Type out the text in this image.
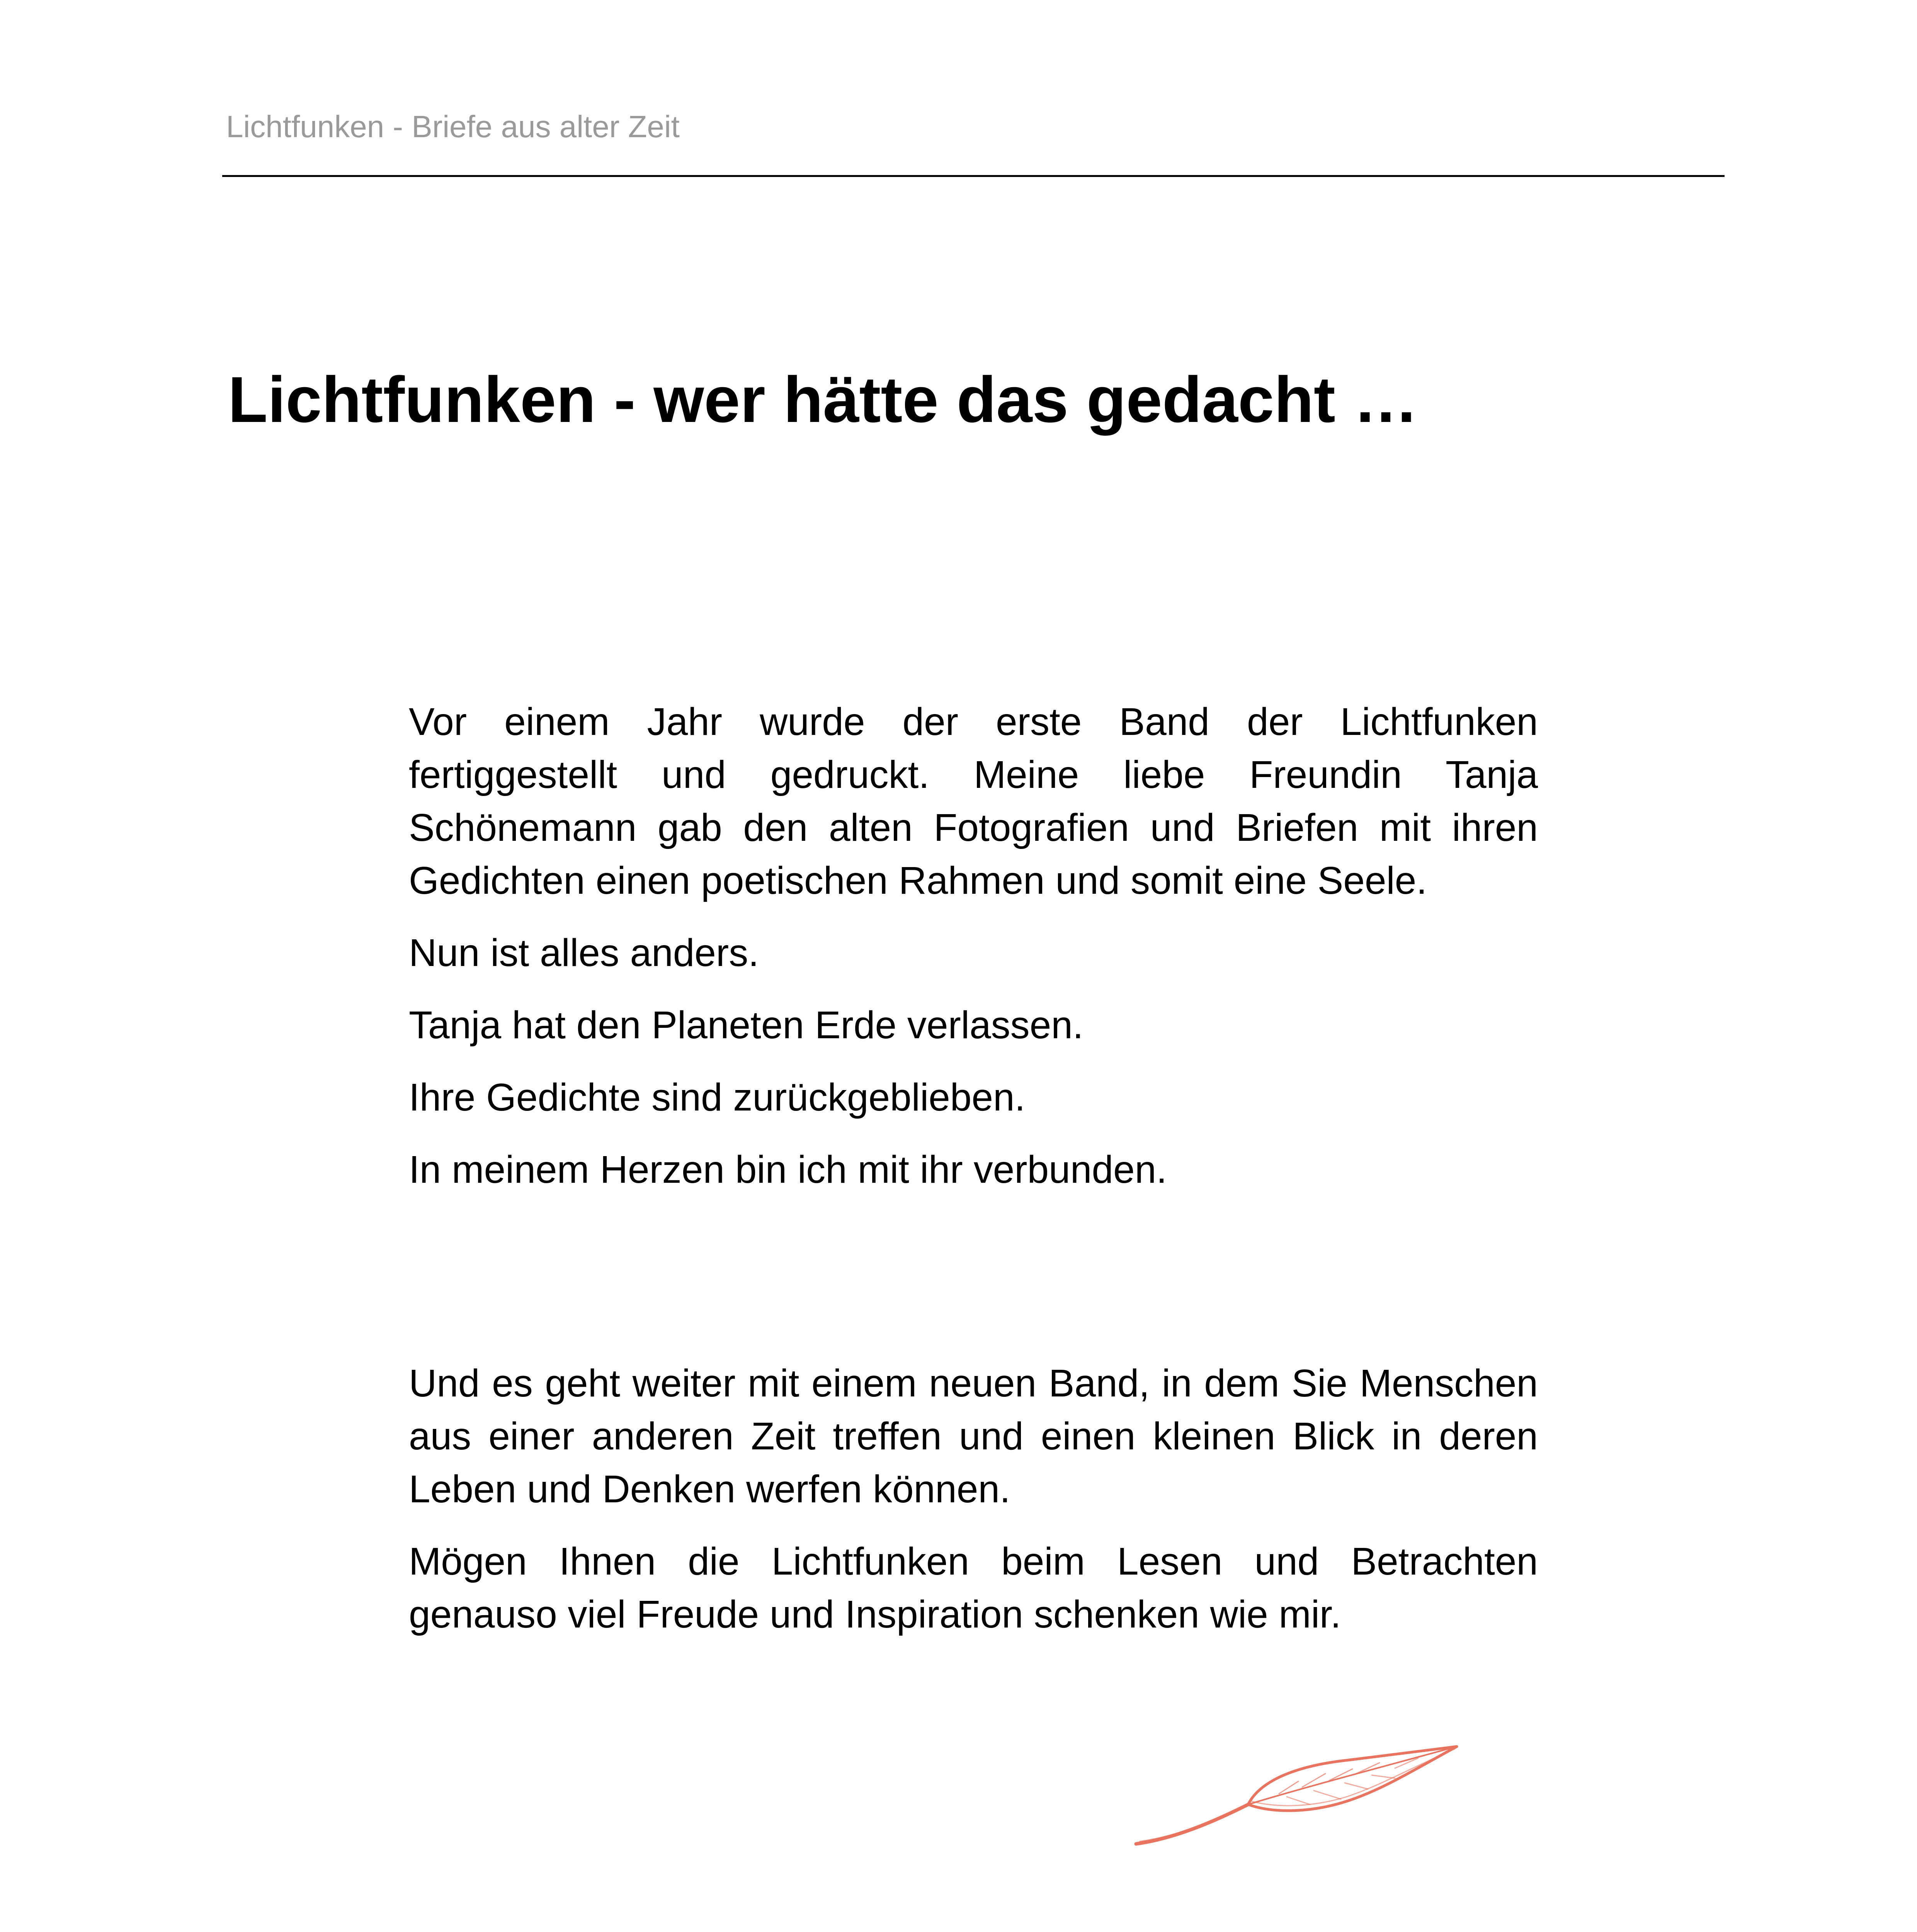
Lichtfunken - Briefe aus alter Zeit
Lichtfunken - wer hätte das gedacht …

Vor einem Jahr wurde der erste Band der Lichtfunken fertiggestellt und gedruckt. Meine liebe Freundin Tanja Schönemann gab den alten Fotografien und Briefen mit ihren Gedichten einen poetischen Rahmen und somit eine Seele.

Nun ist alles anders.

Tanja hat den Planeten Erde verlassen.

Ihre Gedichte sind zurückgeblieben.

In meinem Herzen bin ich mit ihr verbunden.

Und es geht weiter mit einem neuen Band, in dem Sie Menschen aus einer anderen Zeit treffen und einen kleinen Blick in deren Leben und Denken werfen können.

Mögen Ihnen die Lichtfunken beim Lesen und Betrachten genauso viel Freude und Inspiration schenken wie mir.
